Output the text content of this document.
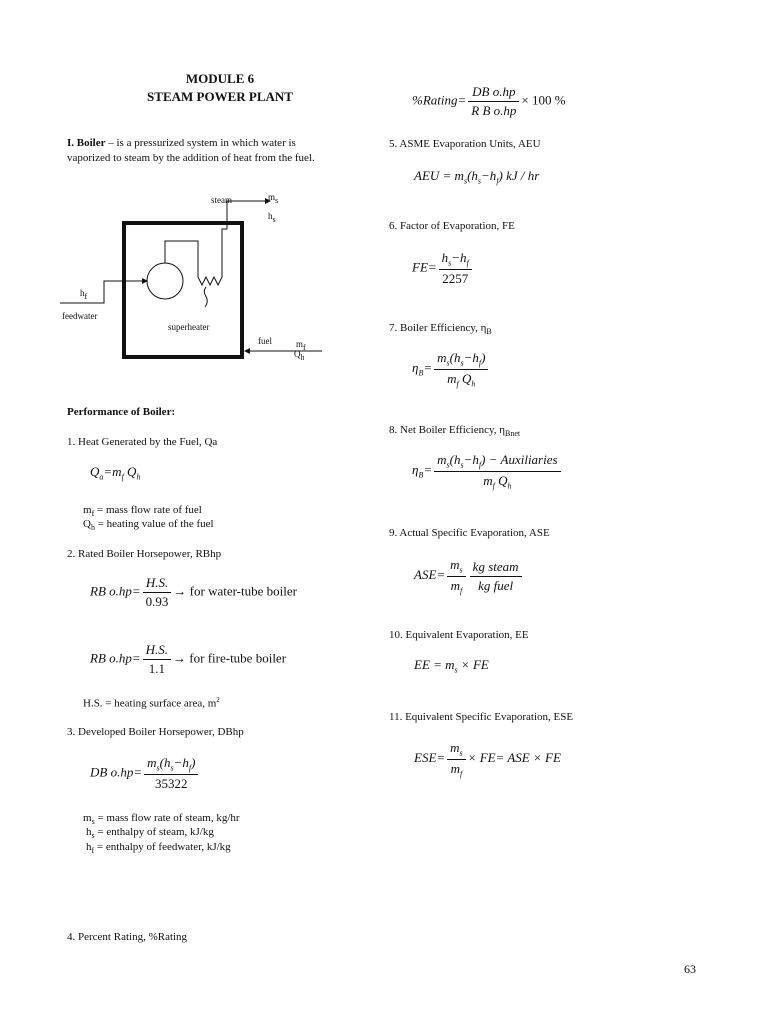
MODULE 6
STEAM POWER PLANT
I. Boiler – is a pressurized system in which water is
vaporized to steam by the addition of heat from the fuel.
steam	$m_s$
$h_s$
$h_f$
feedwater
superheater
fuel	$m_f$
$Q_h$
Performance of Boiler:
1. Heat Generated by the Fuel, Qa
$Q_a=m_f$ $Q_h$
$m_f$ = mass flow rate of fuel
$Q_h$ = heating value of the fuel
2. Rated Boiler Horsepower, RBhp
RB $o.hp= \frac{H.S.}{0.93}$ → for water-tube boiler
RB $o.hp= \frac{H.S.}{1.1}$ → for fire-tube boiler
H.S. = heating surface area, $m^2$
3. Developed Boiler Horsepower, DBhp
DB $o.hp= \frac{m_s(h_s-h_f)}{35322}$
$m_s$ = mass flow rate of steam, kg/hr
$h_s$ = enthalpy of steam, kJ/kg
$h_f$ = enthalpy of feedwater, kJ/kg
4. Percent Rating, %Rating
%Rating= $\frac{\text{DB o.hp}}{\text{R B o.hp}} \times 100$ %
5. ASME Evaporation Units, AEU
AEU = $m_s(h_s-h_f)$ kJ / hr
6. Factor of Evaporation, FE
$FE= \frac{h_s-h_f}{2257}$
7. Boiler Efficiency, $\eta_B$
$\eta_B= \frac{m_s(h_s-h_f)}{m_f Q_h}$
8. Net Boiler Efficiency, $\eta_{Bnet}$
$\eta_B= \frac{m_s(h_s-h_f) - Auxiliaries}{m_f Q_h}$
9. Actual Specific Evaporation, ASE
$ASE= \frac{m_s}{m_f} \frac{\text{kg steam}}{\text{kg fuel}}$
10. Equivalent Evaporation, EE
EE = $m_s$ × FE
11. Equivalent Specific Evaporation, ESE
$ESE= \frac{m_s}{m_f} \times FE=$ ASE × FE
63
